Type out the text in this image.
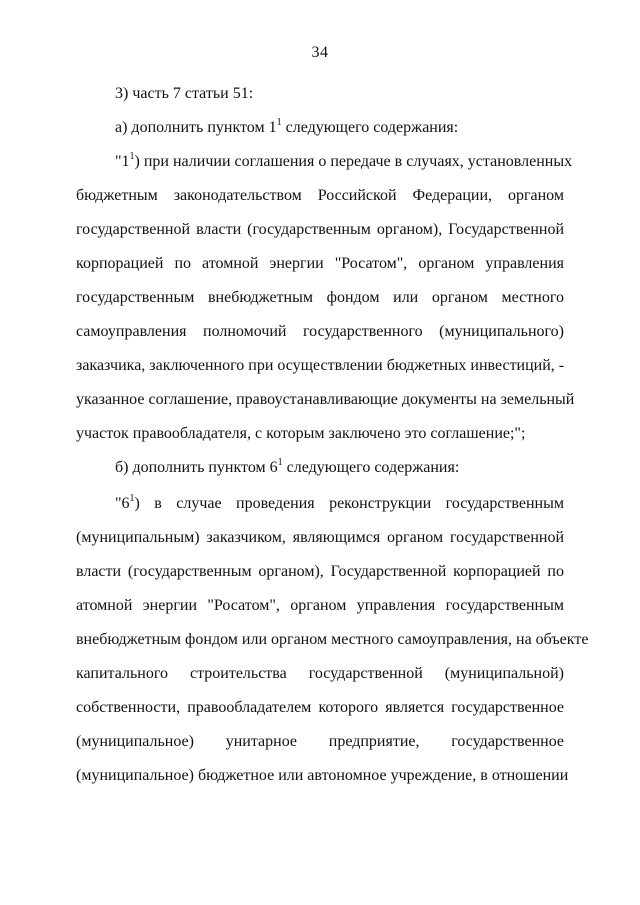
34
3) часть 7 статьи 51:
а) дополнить пунктом $1^1$ следующего содержания:
"$1^1$) при наличии соглашения о передаче в случаях, установленных
бюджетным законодательством Российской Федерации, органом
государственной власти (государственным органом), Государственной
корпорацией по атомной энергии "Росатом", органом управления
государственным внебюджетным фондом или органом местного
самоуправления полномочий государственного (муниципального)
заказчика, заключенного при осуществлении бюджетных инвестиций, -
указанное соглашение, правоустанавливающие документы на земельный
участок правообладателя, с которым заключено это соглашение;";
б) дополнить пунктом $6^1$ следующего содержания:
"$6^1$) в случае проведения реконструкции государственным
(муниципальным) заказчиком, являющимся органом государственной
власти (государственным органом), Государственной корпорацией по
атомной энергии "Росатом", органом управления государственным
внебюджетным фондом или органом местного самоуправления, на объекте
капитального строительства государственной (муниципальной)
собственности, правообладателем которого является государственное
(муниципальное) унитарное предприятие, государственное
(муниципальное) бюджетное или автономное учреждение, в отношении
